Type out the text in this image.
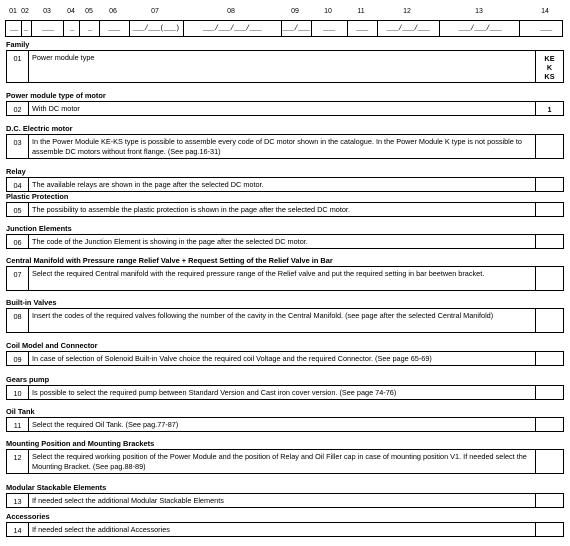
01 02 03 04 05 06	07	08	09	10	11	12	13	14
__ _ ___ _ _ ___ ___/___(___)	___/___/___/___	___/___ ___	___	___/___/___	___/___/___	___
Family
01	Power module type	KE
K
KS
Power module type of motor
02	With DC motor	1
D.C. Electric motor
03	In the Power Module KE-KS type is possible to assemble every code of DC motor shown in the catalogue. In the Power Module K type is not possible to assemble DC motors without front flange. (See pag.16-31)
Relay
04	The available relays are shown in the page after the selected DC motor.
Plastic Protection
05	The possibility to assemble the plastic protection is shown in the page after the selected DC motor.
Junction Elements
06	The code of the Junction Element is showing in the page after the selected DC motor.
Central Manifold with Pressure range Relief Valve + Request Setting of the Relief Valve in Bar
07	Select the required Central manifold with the required pressure range of the Relief valve and put the required setting in bar beetwen bracket.
Built-in Valves
08	Insert the codes of the required valves following the number of the cavity in the Central Manifold. (see page after the selected Central Manifold)
Coil Model and Connector
09	In case of selection of Solenoid Built-in Valve choice the required coil Voltage and the required Connector. (See page 65-69)
Gears pump
10	Is possible to select the required pump between Standard Version and Cast iron cover version. (See page 74-76)
Oil Tank
11	Select the required Oil Tank. (See pag.77-87)
Mounting Position and Mounting Brackets
12	Select the required working position of the Power Module and the position of Relay and Oil Filler cap in case of mounting position V1. If needed select the Mounting Bracket. (See pag.88-89)
Modular Stackable Elements
13	If needed select the additional Modular Stackable Elements
Accessories
14	If needed select the additional Accessories
